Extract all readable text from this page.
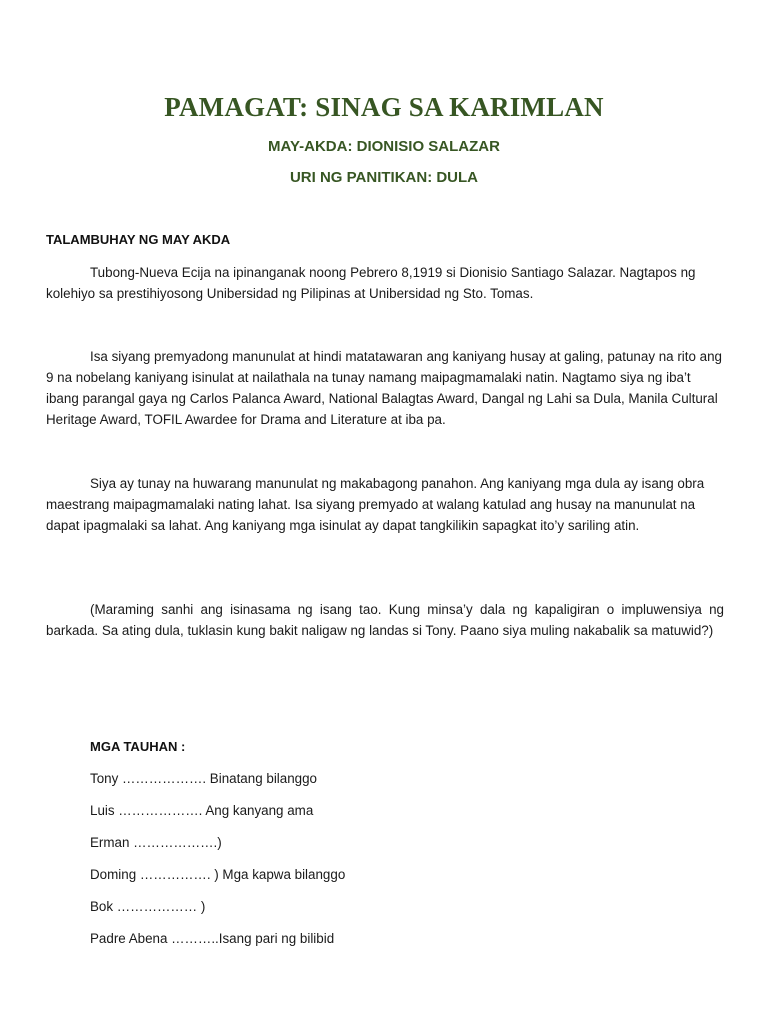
PAMAGAT: SINAG SA KARIMLAN
MAY-AKDA: DIONISIO SALAZAR
URI NG PANITIKAN: DULA
TALAMBUHAY NG MAY AKDA

Tubong-Nueva Ecija na ipinanganak noong Pebrero 8,1919 si Dionisio Santiago Salazar. Nagtapos ng kolehiyo sa prestihiyosong Unibersidad ng Pilipinas at Unibersidad ng Sto. Tomas.

Isa siyang premyadong manunulat at hindi matatawaran ang kaniyang husay at galing, patunay na rito ang 9 na nobelang kaniyang isinulat at nailathala na tunay namang maipagmamalaki natin. Nagtamo siya ng iba’t ibang parangal gaya ng Carlos Palanca Award, National Balagtas Award, Dangal ng Lahi sa Dula, Manila Cultural Heritage Award, TOFIL Awardee for Drama and Literature at iba pa.

Siya ay tunay na huwarang manunulat ng makabagong panahon. Ang kaniyang mga dula ay isang obra maestrang maipagmamalaki nating lahat. Isa siyang premyado at walang katulad ang husay na manunulat na dapat ipagmalaki sa lahat. Ang kaniyang mga isinulat ay dapat tangkilikin sapagkat ito’y sariling atin.

(Maraming sanhi ang isinasama ng isang tao. Kung minsa’y dala ng kapaligiran o impluwensiya ng barkada. Sa ating dula, tuklasin kung bakit naligaw ng landas si Tony. Paano siya muling nakabalik sa matuwid?)

MGA TAUHAN :
Tony ………………. Binatang bilanggo
Luis ………………. Ang kanyang ama
Erman ……………….)
Doming ……………. ) Mga kapwa bilanggo
Bok ……………… )
Padre Abena ………..Isang pari ng bilibid
